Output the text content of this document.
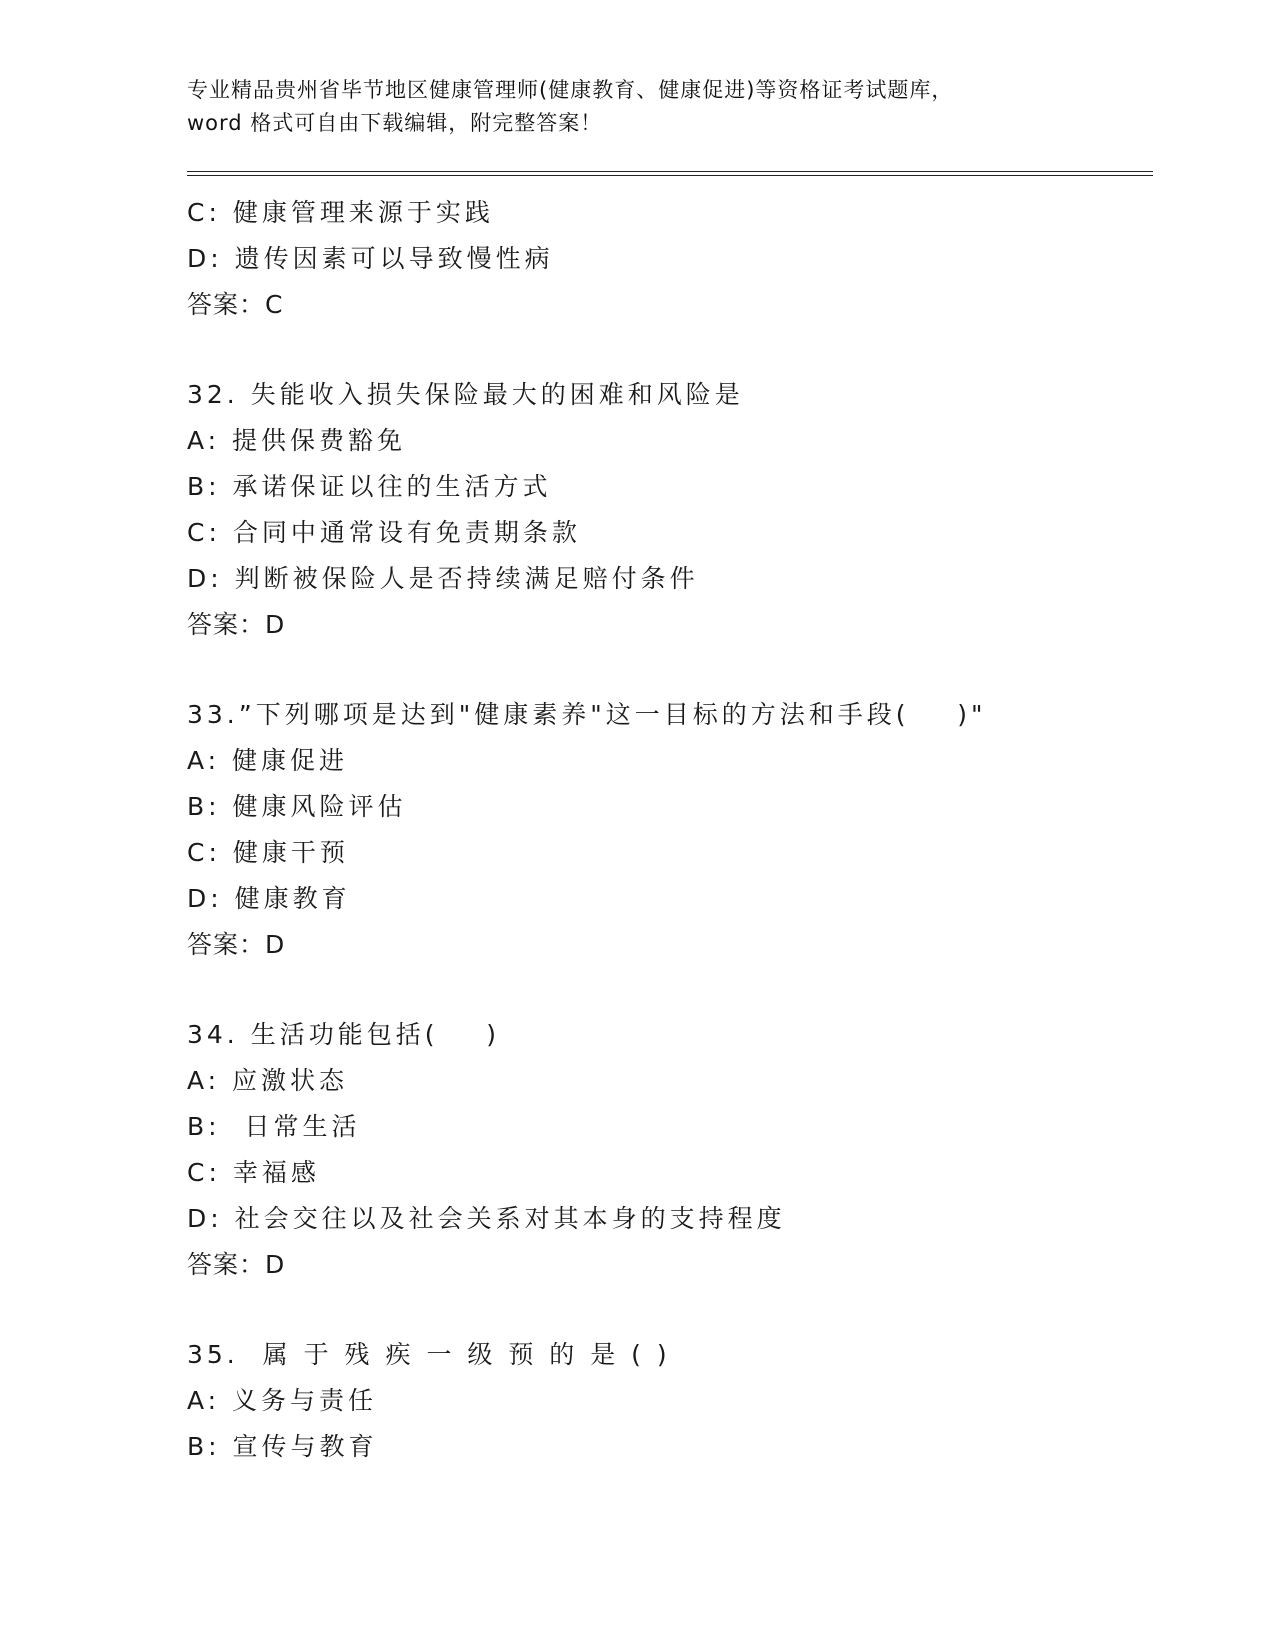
专业精品贵州省毕节地区健康管理师(健康教育、健康促进)等资格证考试题库，
word 格式可自由下载编辑，附完整答案！
C: 健康管理来源于实践
D: 遗传因素可以导致慢性病
答案：C
32. 失能收入损失保险最大的困难和风险是
A: 提供保费豁免
B: 承诺保证以往的生活方式
C: 合同中通常设有免责期条款
D: 判断被保险人是否持续满足赔付条件
答案：D
33.”下列哪项是达到"健康素养"这一目标的方法和手段(    )"
A: 健康促进
B: 健康风险评估
C: 健康干预
D: 健康教育
答案：D
34. 生活功能包括(    )
A: 应激状态
B:  日常生活
C: 幸福感
D: 社会交往以及社会关系对其本身的支持程度
答案：D
35.  属 于 残 疾 一 级 预 的 是 ( )
A: 义务与责任
B: 宣传与教育
